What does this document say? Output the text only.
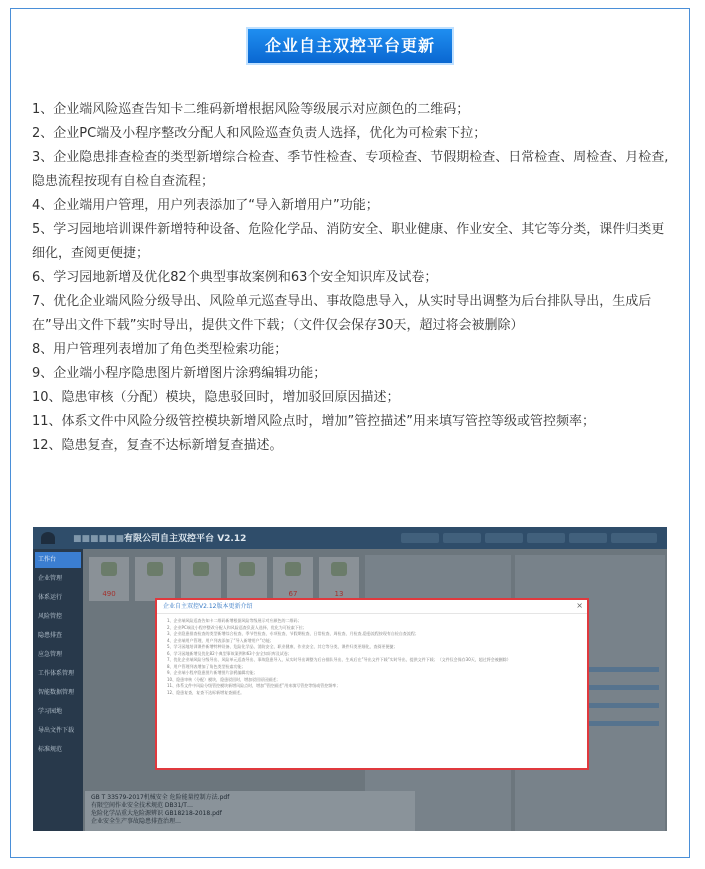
企业自主双控平台更新

1、企业端风险巡查告知卡二维码新增根据风险等级展示对应颜色的二维码；

2、企业PC端及小程序整改分配人和风险巡查负责人选择，优化为可检索下拉；

3、企业隐患排查检查的类型新增综合检查、季节性检查、专项检查、节假期检查、日常检查、周检查、月检查,隐患流程按现有自检自查流程；

4、企业端用户管理，用户列表添加了“导入新增用户”功能；

5、学习园地培训课件新增特种设备、危险化学品、消防安全、职业健康、作业安全、其它等分类，课件归类更细化，查阅更便捷；

6、学习园地新增及优化82个典型事故案例和63个安全知识库及试卷；

7、优化企业端风险分级导出、风险单元巡查导出、事故隐患导入，从实时导出调整为后台排队导出，生成后在”导出文件下载”实时导出，提供文件下载；（文件仅会保存30天，超过将会被删除）

8、用户管理列表增加了角色类型检索功能；

9、企业端小程序隐患图片新增图片涂鸦编辑功能；

10、隐患审核（分配）模块，隐患驳回时，增加驳回原因描述；

11、体系文件中风险分级管控模块新增风险点时，增加”管控描述”用来填写管控等级或管控频率；

12、隐患复查，复查不达标新增复查描述。

■■■■■■有限公司自主双控平台 V2.12
工作台
企业管理
体系运行
风险管控
隐患排查
应急管理
工作体系管理
智能数据管理
学习园地
导出文件下载
标准规范
490	67	13
GB T 33579-2017机械安全 危险能量控制方法.pdf
有限空间作业安全技术规范 DB31/T…
危险化学品重大危险源辨识 GB18218-2018.pdf
企业安全生产事故隐患排查治理…
企业自主双控V2.12版本更新介绍	×
1、企业端风险巡查告知卡二维码新增根据风险等级展示对应颜色的二维码；
2、企业PC端及小程序整改分配人和风险巡查负责人选择，优化为可检索下拉；
3、企业隐患排查检查的类型新增综合检查、季节性检查、专项检查、节假期检查、日常检查、周检查、月检查,隐患流程按现有自检自查流程；
4、企业端用户管理，用户列表添加了“导入新增用户”功能；
5、学习园地培训课件新增特种设备、危险化学品、消防安全、职业健康、作业安全、其它等分类，课件归类更细化，查阅更便捷；
6、学习园地新增及优化82个典型事故案例和63个安全知识库及试卷；
7、优化企业端风险分级导出、风险单元巡查导出、事故隐患导入，从实时导出调整为后台排队导出，生成后在”导出文件下载”实时导出，提供文件下载；（文件仅会保存30天，超过将会被删除）
8、用户管理列表增加了角色类型检索功能；
9、企业端小程序隐患图片新增图片涂鸦编辑功能；
10、隐患审核（分配）模块，隐患驳回时，增加驳回原因描述；
11、体系文件中风险分级管控模块新增风险点时，增加”管控描述”用来填写管控等级或管控频率；
12、隐患复查，复查不达标新增复查描述。
